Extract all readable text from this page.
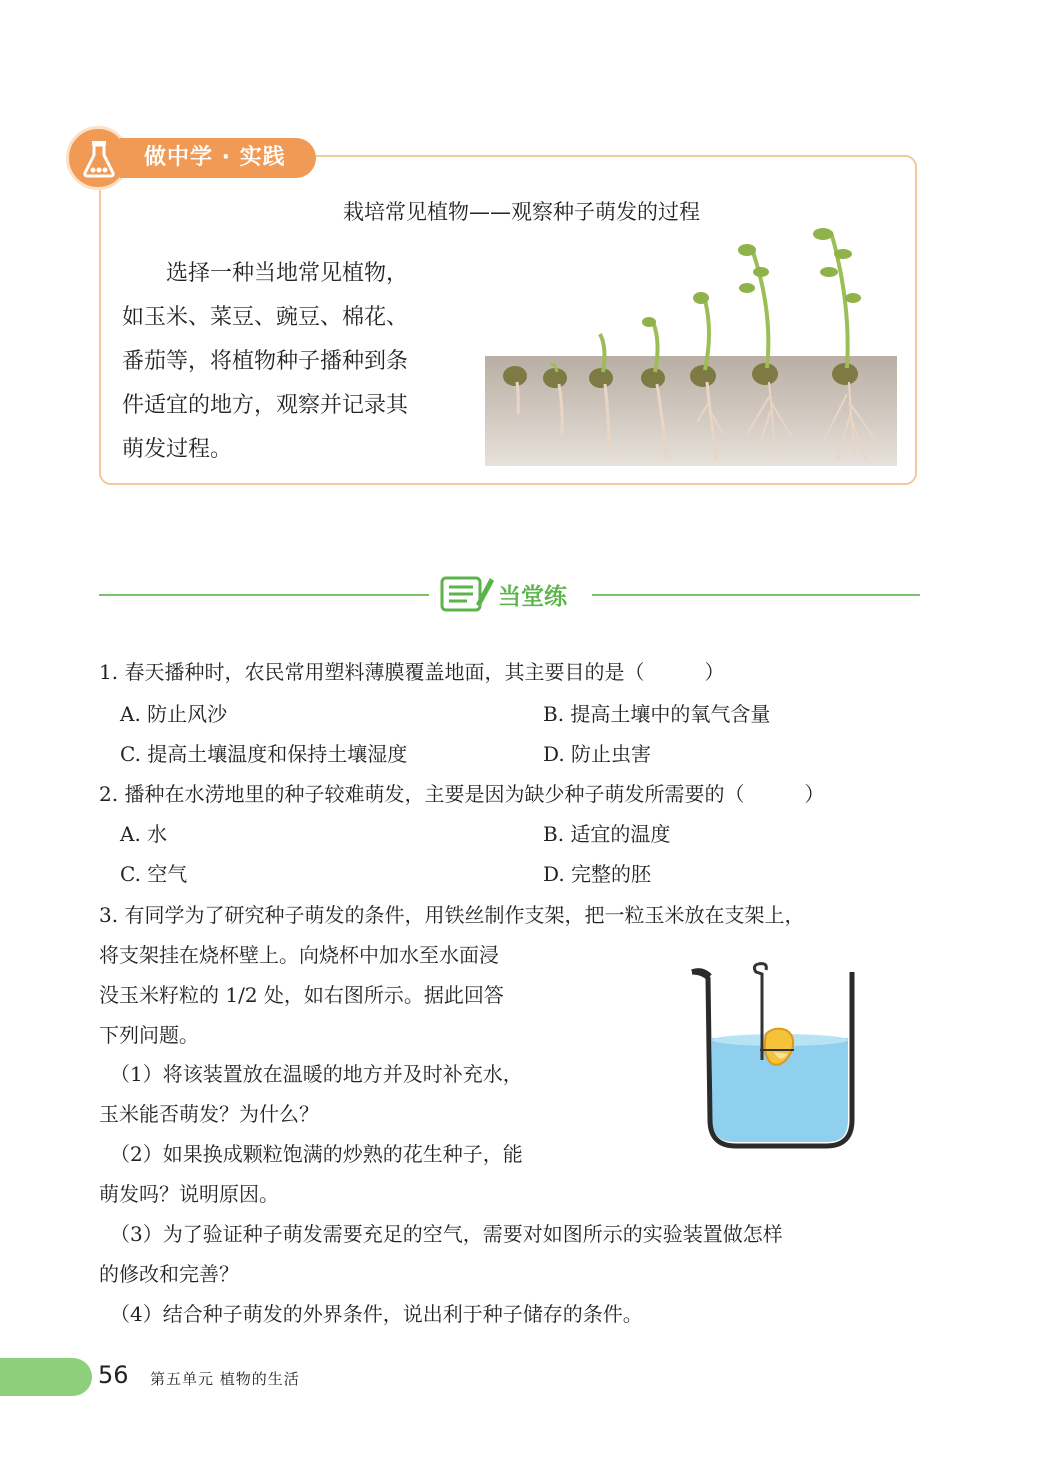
做中学 · 实践
栽培常见植物——观察种子萌发的过程
选择一种当地常见植物，
如玉米、菜豆、豌豆、棉花、
番茄等，将植物种子播种到条
件适宜的地方，观察并记录其
萌发过程。
当堂练
1. 春天播种时，农民常用塑料薄膜覆盖地面，其主要目的是（	）
A. 防止风沙	B. 提高土壤中的氧气含量
C. 提高土壤温度和保持土壤湿度	D. 防止虫害
2. 播种在水涝地里的种子较难萌发，主要是因为缺少种子萌发所需要的（	）
A. 水	B. 适宜的温度
C. 空气	D. 完整的胚
3. 有同学为了研究种子萌发的条件，用铁丝制作支架，把一粒玉米放在支架上，
将支架挂在烧杯壁上。向烧杯中加水至水面浸
没玉米籽粒的 1/2 处，如右图所示。据此回答
下列问题。
（1）将该装置放在温暖的地方并及时补充水，
玉米能否萌发？为什么？
（2）如果换成颗粒饱满的炒熟的花生种子，能
萌发吗？说明原因。
（3）为了验证种子萌发需要充足的空气，需要对如图所示的实验装置做怎样
的修改和完善？
（4）结合种子萌发的外界条件，说出利于种子储存的条件。
56 第五单元 植物的生活
